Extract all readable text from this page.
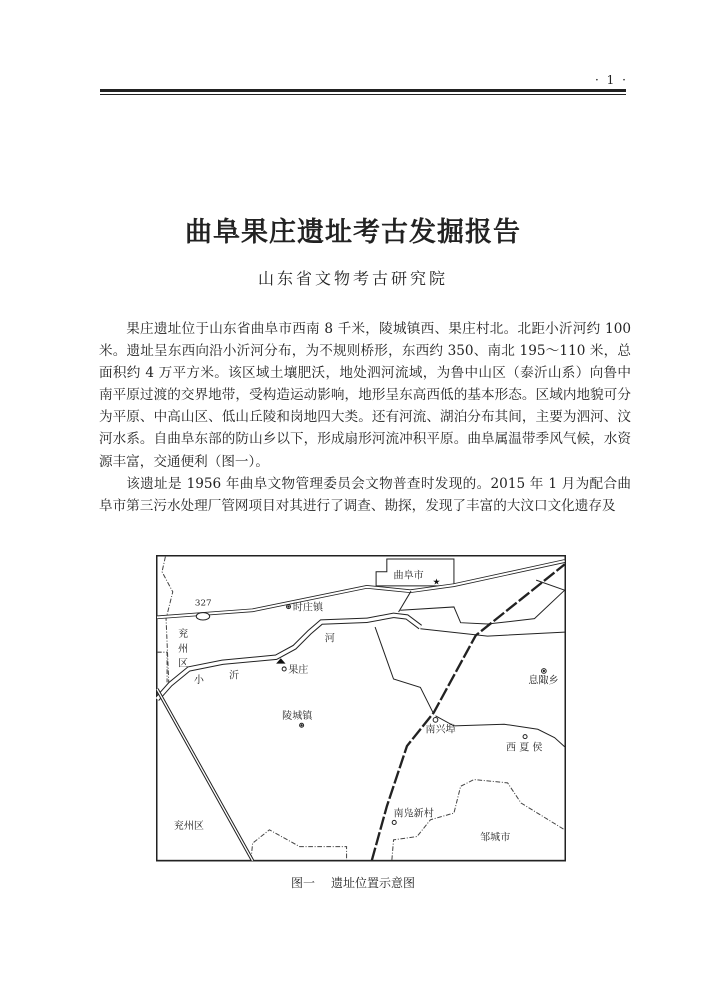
· 1 ·
曲阜果庄遗址考古发掘报告
山东省文物考古研究院

果庄遗址位于山东省曲阜市西南 8 千米，陵城镇西、果庄村北。北距小沂河约 100 米。遗址呈东西向沿小沂河分布，为不规则桥形，东西约 350、南北 195～110 米，总面积约 4 万平方米。该区域土壤肥沃，地处泗河流域，为鲁中山区（泰沂山系）向鲁中南平原过渡的交界地带，受构造运动影响，地形呈东高西低的基本形态。区域内地貌可分为平原、中高山区、低山丘陵和岗地四大类。还有河流、湖泊分布其间，主要为泗河、汶河水系。自曲阜东部的防山乡以下，形成扇形河流冲积平原。曲阜属温带季风气候，水资源丰富，交通便利（图一）。

该遗址是 1956 年曲阜文物管理委员会文物普查时发现的。2015 年 1 月为配合曲阜市第三污水处理厂管网项目对其进行了调查、勘探，发现了丰富的大汶口文化遗存及

曲阜市
327	时庄镇
兖
州
区
小 沂
河
果庄
陵城镇
息陬乡
南兴埠
西 夏 侯
南凫新村
兖州区
邹城市
图一 遗址位置示意图
